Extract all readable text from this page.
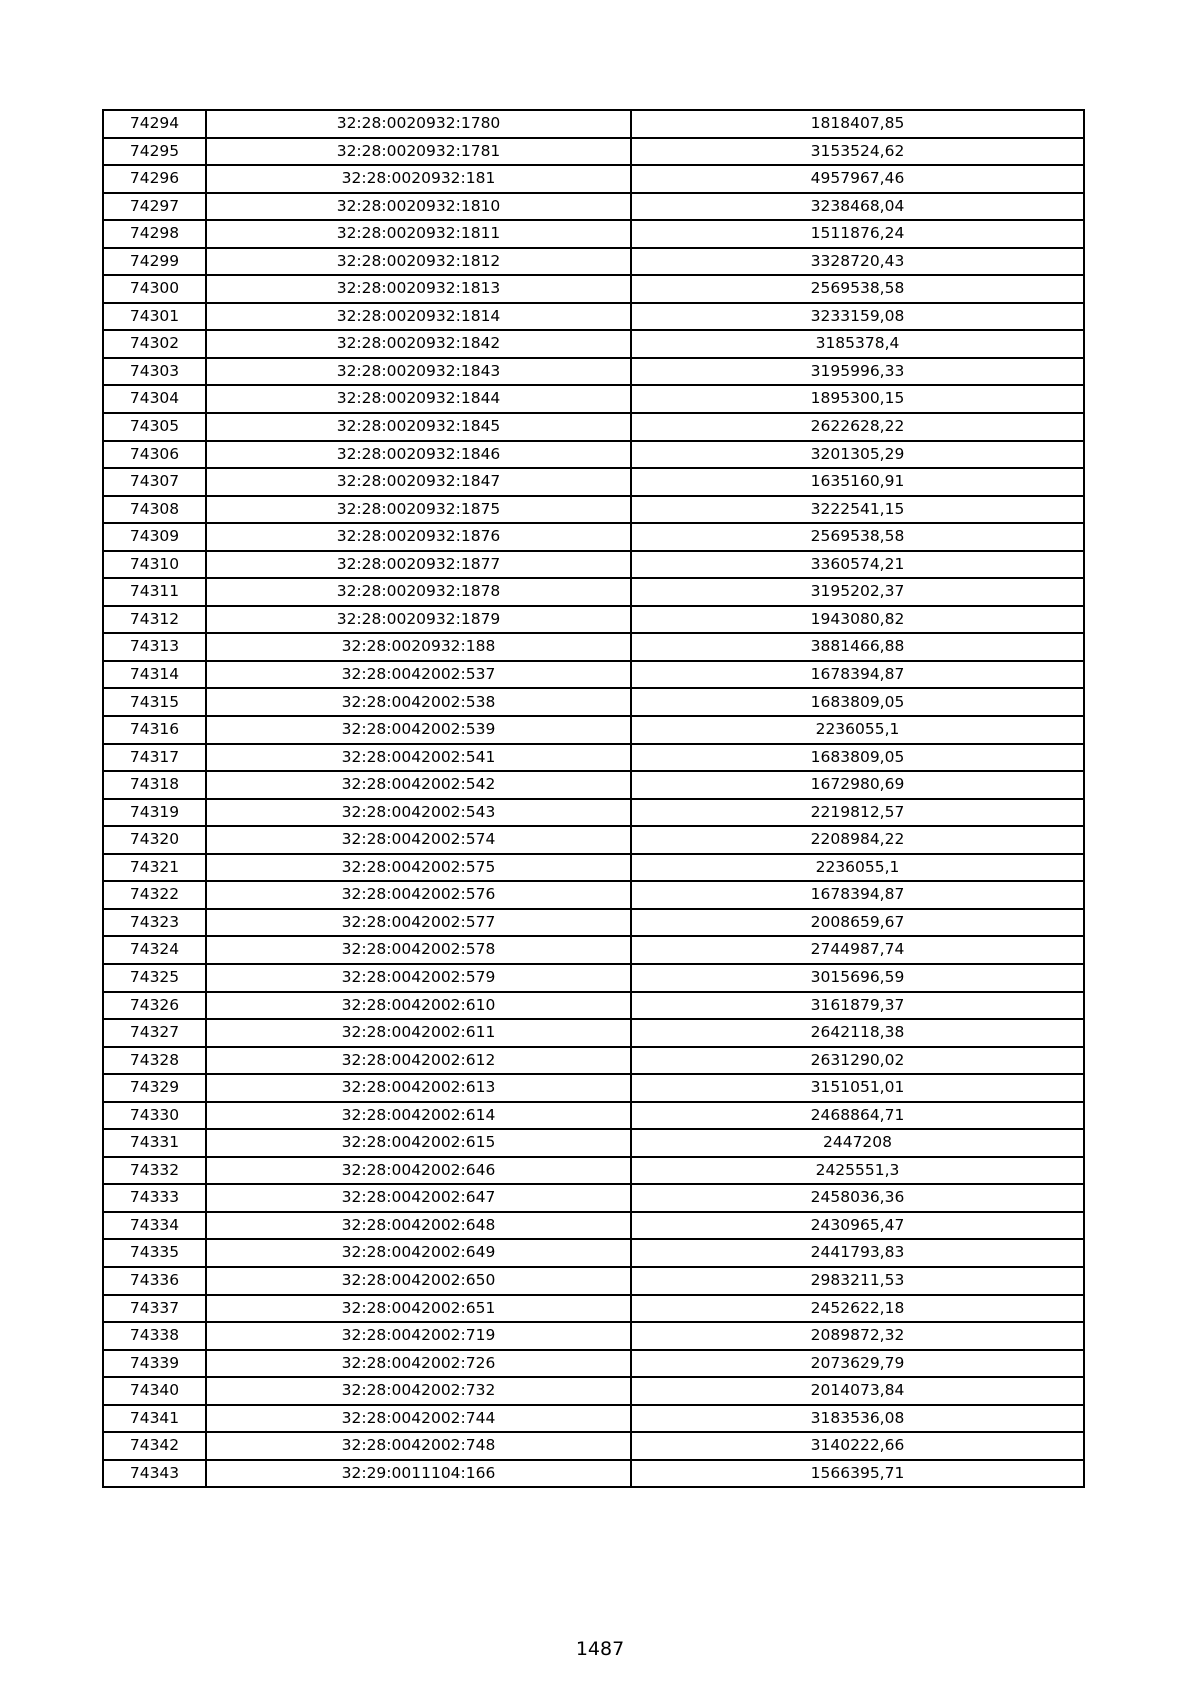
74294	32:28:0020932:1780	1818407,85
74295	32:28:0020932:1781	3153524,62
74296	32:28:0020932:181	4957967,46
74297	32:28:0020932:1810	3238468,04
74298	32:28:0020932:1811	1511876,24
74299	32:28:0020932:1812	3328720,43
74300	32:28:0020932:1813	2569538,58
74301	32:28:0020932:1814	3233159,08
74302	32:28:0020932:1842	3185378,4
74303	32:28:0020932:1843	3195996,33
74304	32:28:0020932:1844	1895300,15
74305	32:28:0020932:1845	2622628,22
74306	32:28:0020932:1846	3201305,29
74307	32:28:0020932:1847	1635160,91
74308	32:28:0020932:1875	3222541,15
74309	32:28:0020932:1876	2569538,58
74310	32:28:0020932:1877	3360574,21
74311	32:28:0020932:1878	3195202,37
74312	32:28:0020932:1879	1943080,82
74313	32:28:0020932:188	3881466,88
74314	32:28:0042002:537	1678394,87
74315	32:28:0042002:538	1683809,05
74316	32:28:0042002:539	2236055,1
74317	32:28:0042002:541	1683809,05
74318	32:28:0042002:542	1672980,69
74319	32:28:0042002:543	2219812,57
74320	32:28:0042002:574	2208984,22
74321	32:28:0042002:575	2236055,1
74322	32:28:0042002:576	1678394,87
74323	32:28:0042002:577	2008659,67
74324	32:28:0042002:578	2744987,74
74325	32:28:0042002:579	3015696,59
74326	32:28:0042002:610	3161879,37
74327	32:28:0042002:611	2642118,38
74328	32:28:0042002:612	2631290,02
74329	32:28:0042002:613	3151051,01
74330	32:28:0042002:614	2468864,71
74331	32:28:0042002:615	2447208
74332	32:28:0042002:646	2425551,3
74333	32:28:0042002:647	2458036,36
74334	32:28:0042002:648	2430965,47
74335	32:28:0042002:649	2441793,83
74336	32:28:0042002:650	2983211,53
74337	32:28:0042002:651	2452622,18
74338	32:28:0042002:719	2089872,32
74339	32:28:0042002:726	2073629,79
74340	32:28:0042002:732	2014073,84
74341	32:28:0042002:744	3183536,08
74342	32:28:0042002:748	3140222,66
74343	32:29:0011104:166	1566395,71
1487
